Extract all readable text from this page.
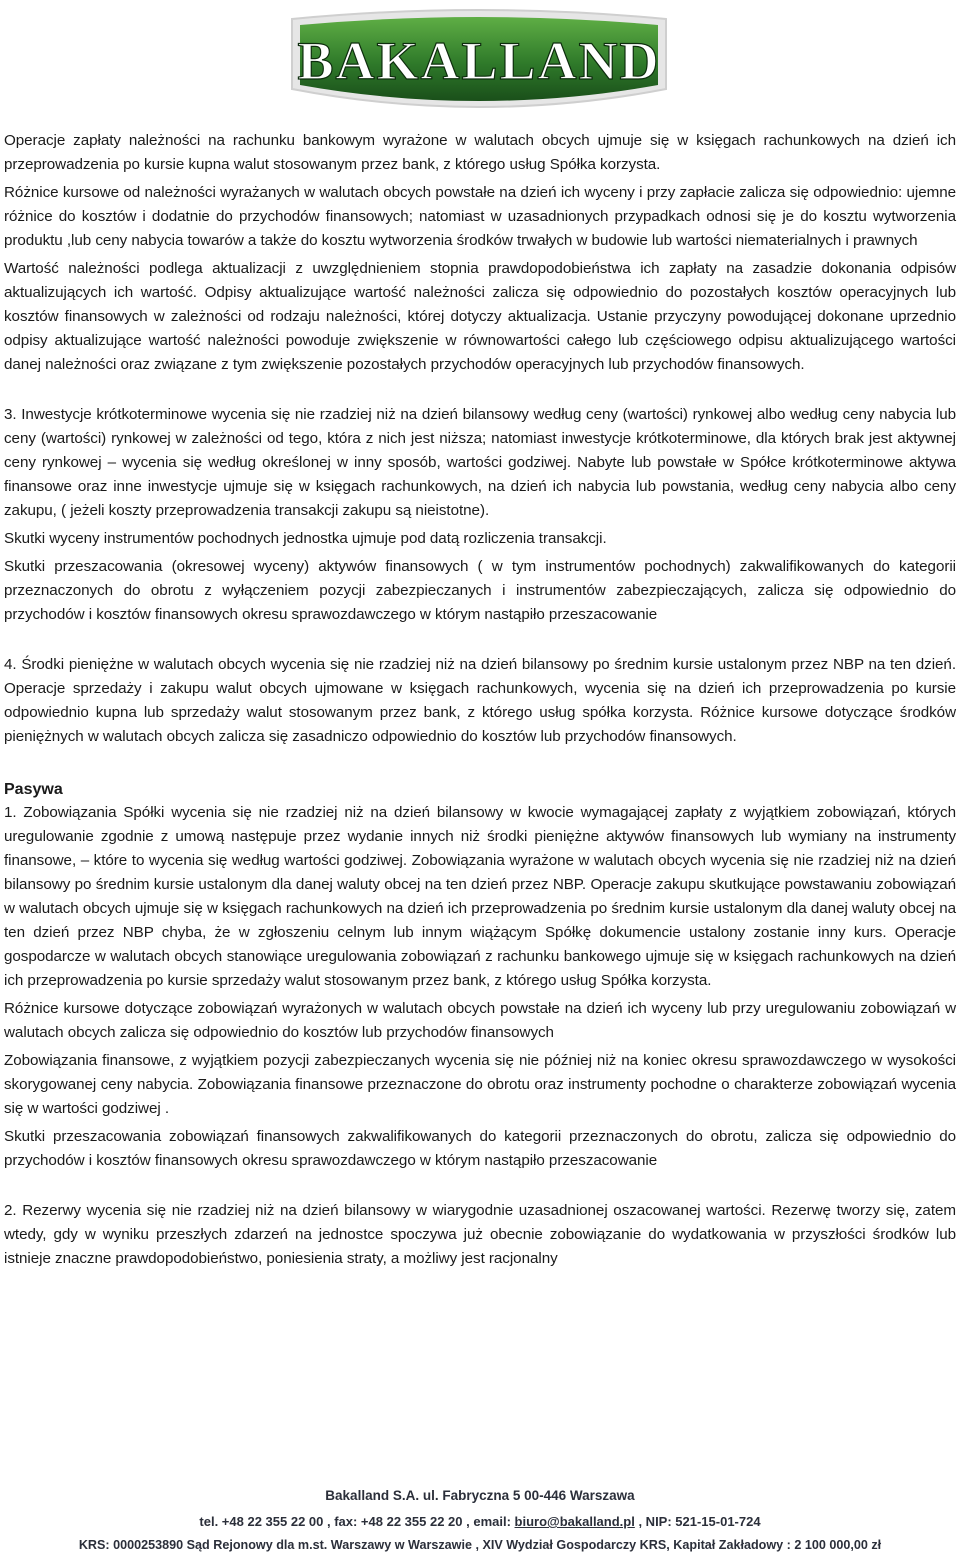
BAKALLAND

Operacje zapłaty należności na rachunku bankowym wyrażone w walutach obcych ujmuje się w księgach rachunkowych na dzień ich przeprowadzenia po kursie kupna walut stosowanym przez bank, z którego usług Spółka korzysta.

Różnice kursowe od należności wyrażanych w walutach obcych powstałe na dzień ich wyceny i przy zapłacie zalicza się odpowiednio: ujemne różnice do kosztów i dodatnie do przychodów finansowych; natomiast w uzasadnionych przypadkach odnosi się je do kosztu wytworzenia produktu ,lub ceny nabycia towarów a także do kosztu wytworzenia środków trwałych w budowie lub wartości niematerialnych i prawnych

Wartość należności podlega aktualizacji z uwzględnieniem stopnia prawdopodobieństwa ich zapłaty na zasadzie dokonania odpisów aktualizujących ich wartość. Odpisy aktualizujące wartość należności zalicza się odpowiednio do pozostałych kosztów operacyjnych lub kosztów finansowych w zależności od rodzaju należności, której dotyczy aktualizacja. Ustanie przyczyny powodującej dokonane uprzednio odpisy aktualizujące wartość należności powoduje zwiększenie w równowartości całego lub częściowego odpisu aktualizującego wartości danej należności oraz związane z tym zwiększenie pozostałych przychodów operacyjnych lub przychodów finansowych.

3. Inwestycje krótkoterminowe wycenia się nie rzadziej niż na dzień bilansowy według ceny (wartości) rynkowej albo według ceny nabycia lub ceny (wartości) rynkowej w zależności od tego, która z nich jest niższa; natomiast inwestycje krótkoterminowe, dla których brak jest aktywnej ceny rynkowej – wycenia się według określonej w inny sposób, wartości godziwej. Nabyte lub powstałe w Spółce krótkoterminowe aktywa finansowe oraz inne inwestycje ujmuje się w księgach rachunkowych, na dzień ich nabycia lub powstania, według ceny nabycia albo ceny zakupu, ( jeżeli koszty przeprowadzenia transakcji zakupu są nieistotne).

Skutki wyceny instrumentów pochodnych jednostka ujmuje pod datą rozliczenia transakcji.

Skutki przeszacowania (okresowej wyceny) aktywów finansowych ( w tym instrumentów pochodnych) zakwalifikowanych do kategorii przeznaczonych do obrotu z wyłączeniem pozycji zabezpieczanych i instrumentów zabezpieczających, zalicza się odpowiednio do przychodów i kosztów finansowych okresu sprawozdawczego w którym nastąpiło przeszacowanie

4. Środki pieniężne w walutach obcych wycenia się nie rzadziej niż na dzień bilansowy po średnim kursie ustalonym przez NBP na ten dzień. Operacje sprzedaży i zakupu walut obcych ujmowane w księgach rachunkowych, wycenia się na dzień ich przeprowadzenia po kursie odpowiednio kupna lub sprzedaży walut stosowanym przez bank, z którego usług spółka korzysta. Różnice kursowe dotyczące środków pieniężnych w walutach obcych zalicza się zasadniczo odpowiednio do kosztów lub przychodów finansowych.

Pasywa

1. Zobowiązania Spółki wycenia się nie rzadziej niż na dzień bilansowy w kwocie wymagającej zapłaty z wyjątkiem zobowiązań, których uregulowanie zgodnie z umową następuje przez wydanie innych niż środki pieniężne aktywów finansowych lub wymiany na instrumenty finansowe, – które to wycenia się według wartości godziwej. Zobowiązania wyrażone w walutach obcych wycenia się nie rzadziej niż na dzień bilansowy po średnim kursie ustalonym dla danej waluty obcej na ten dzień przez NBP. Operacje zakupu skutkujące powstawaniu zobowiązań w walutach obcych ujmuje się w księgach rachunkowych na dzień ich przeprowadzenia po średnim kursie ustalonym dla danej waluty obcej na ten dzień przez NBP chyba, że w zgłoszeniu celnym lub innym wiążącym Spółkę dokumencie ustalony zostanie inny kurs. Operacje gospodarcze w walutach obcych stanowiące uregulowania zobowiązań z rachunku bankowego ujmuje się w księgach rachunkowych na dzień ich przeprowadzenia po kursie sprzedaży walut stosowanym przez bank, z którego usług Spółka korzysta.

Różnice kursowe dotyczące zobowiązań wyrażonych w walutach obcych powstałe na dzień ich wyceny lub przy uregulowaniu zobowiązań w walutach obcych zalicza się odpowiednio do kosztów lub przychodów finansowych

Zobowiązania finansowe, z wyjątkiem pozycji zabezpieczanych wycenia się nie później niż na koniec okresu sprawozdawczego w wysokości skorygowanej ceny nabycia. Zobowiązania finansowe przeznaczone do obrotu oraz instrumenty pochodne o charakterze zobowiązań wycenia się w wartości godziwej .

Skutki przeszacowania zobowiązań finansowych zakwalifikowanych do kategorii przeznaczonych do obrotu, zalicza się odpowiednio do przychodów i kosztów finansowych okresu sprawozdawczego w którym nastąpiło przeszacowanie

2. Rezerwy wycenia się nie rzadziej niż na dzień bilansowy w wiarygodnie uzasadnionej oszacowanej wartości. Rezerwę tworzy się, zatem wtedy, gdy w wyniku przeszłych zdarzeń na jednostce spoczywa już obecnie zobowiązanie do wydatkowania w przyszłości środków lub istnieje znaczne prawdopodobieństwo, poniesienia straty, a możliwy jest racjonalny

Bakalland S.A. ul. Fabryczna 5 00-446 Warszawa
tel. +48 22 355 22 00 , fax: +48 22 355 22 20 , email: biuro@bakalland.pl , NIP: 521-15-01-724
KRS: 0000253890 Sąd Rejonowy dla m.st. Warszawy w Warszawie , XIV Wydział Gospodarczy KRS, Kapitał Zakładowy : 2 100 000,00 zł
